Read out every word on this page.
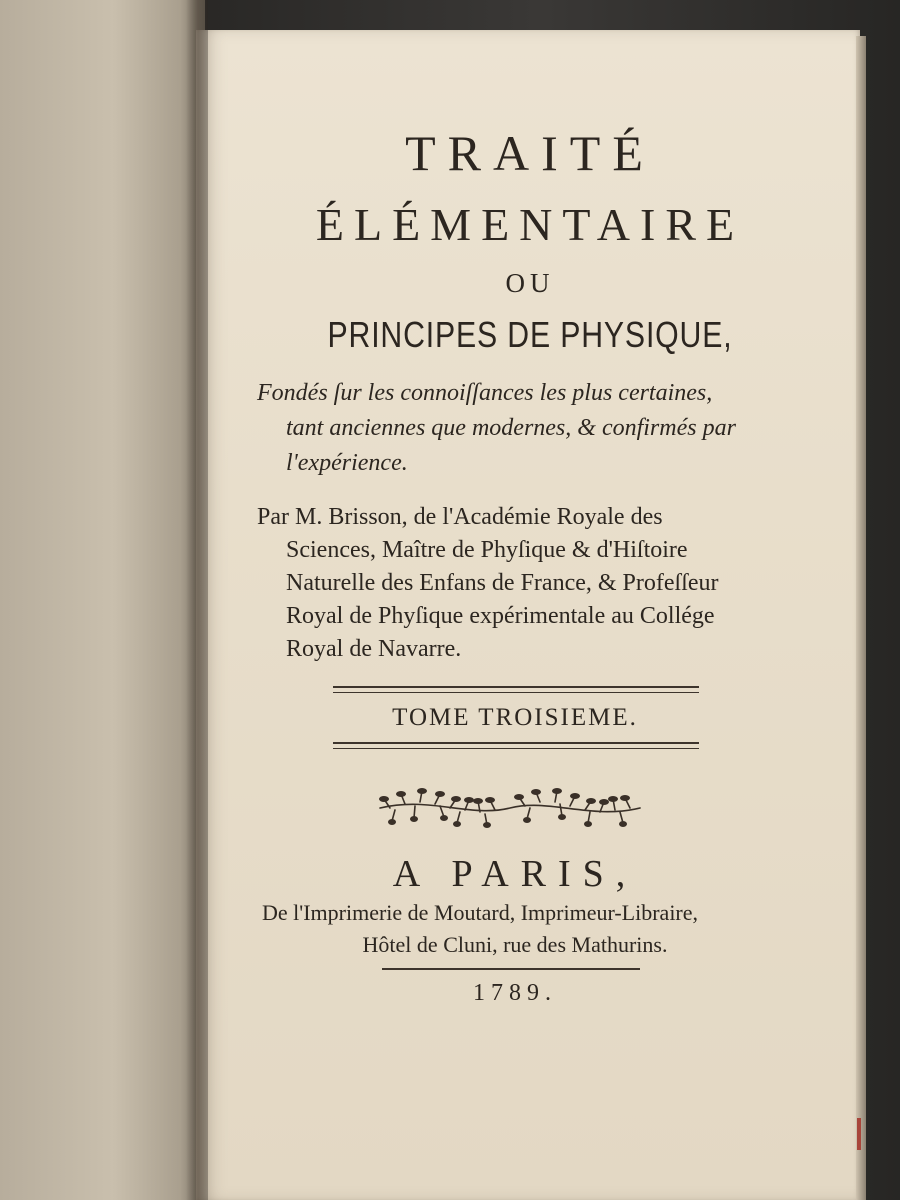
TRAITÉ
ÉLÉMENTAIRE
OU
PRINCIPES DE PHYSIQUE,
Fondés ſur les connoiſſances les plus certaines,
tant anciennes que modernes, & confirmés par
l'expérience.
Par M. Brisson, de l'Académie Royale des
Sciences, Maître de Phyſique & d'Hiſtoire
Naturelle des Enfans de France, & Profeſſeur
Royal de Phyſique expérimentale au Collége
Royal de Navarre.
TOME TROISIEME.
A PARIS,
De l'Imprimerie de Moutard, Imprimeur-Libraire,
Hôtel de Cluni, rue des Mathurins.
1789.
